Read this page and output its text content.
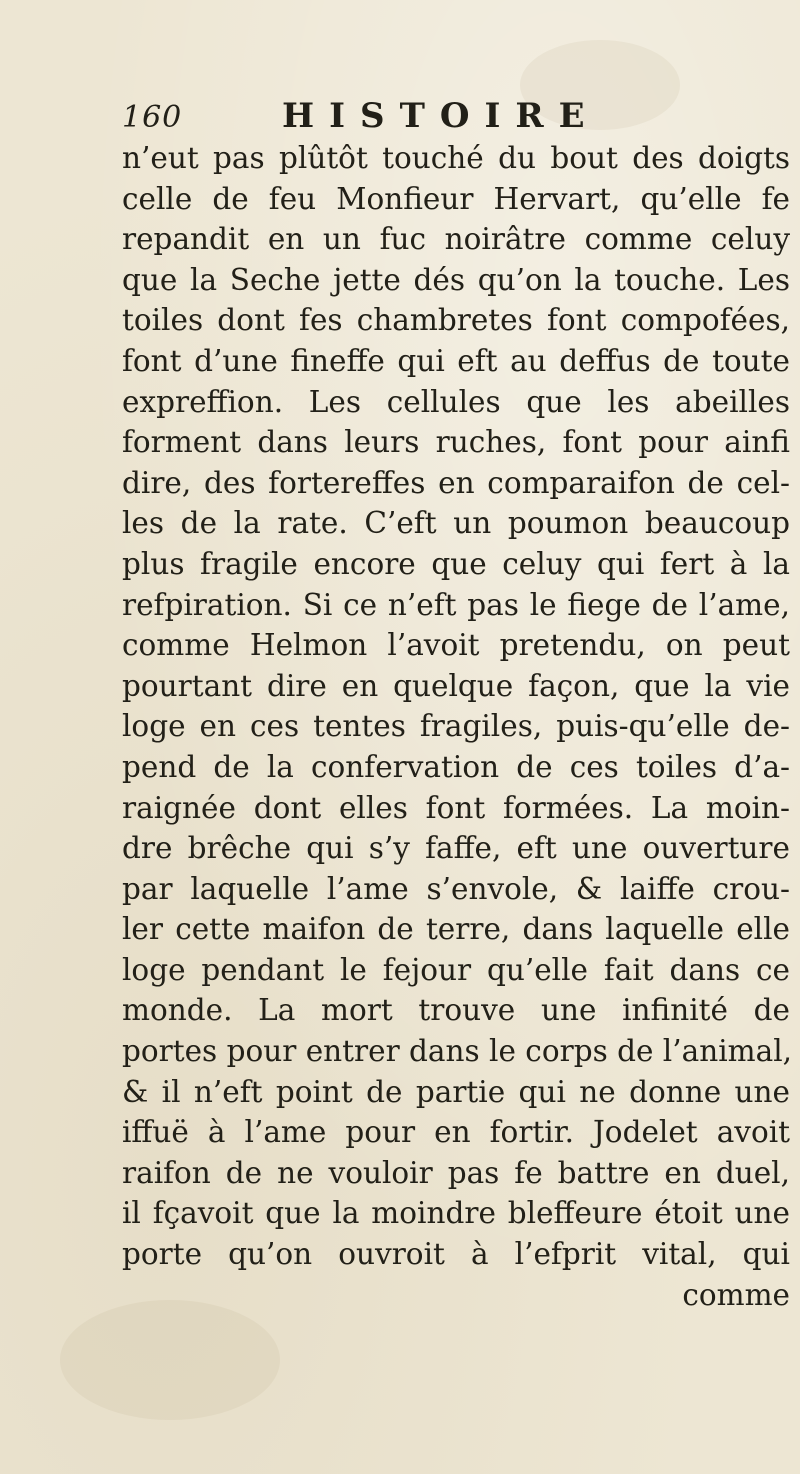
160	HISTOIRE
n’eut pas plûtôt touché du bout des doigts
celle de feu Monfieur Hervart, qu’elle fe
repandit en un fuc noirâtre comme celuy
que la Seche jette dés qu’on la touche. Les
toiles dont fes chambretes font compofées,
font d’une fineffe qui eft au deffus de toute
expreffion. Les cellules que les abeilles
forment dans leurs ruches, font pour ainfi
dire, des fortereffes en comparaifon de cel-
les de la rate. C’eft un poumon beaucoup
plus fragile encore que celuy qui fert à la
refpiration. Si ce n’eft pas le fiege de l’ame,
comme Helmon l’avoit pretendu, on peut
pourtant dire en quelque façon, que la vie
loge en ces tentes fragiles, puis-qu’elle de-
pend de la confervation de ces toiles d’a-
raignée dont elles font formées. La moin-
dre brêche qui s’y faffe, eft une ouverture
par laquelle l’ame s’envole, & laiffe crou-
ler cette maifon de terre, dans laquelle elle
loge pendant le fejour qu’elle fait dans ce
monde. La mort trouve une infinité de
portes pour entrer dans le corps de l’animal,
& il n’eft point de partie qui ne donne une
iffuë à l’ame pour en fortir. Jodelet avoit
raifon de ne vouloir pas fe battre en duel,
il fçavoit que la moindre bleffeure étoit une
porte qu’on ouvroit à l’efprit vital, qui
comme
